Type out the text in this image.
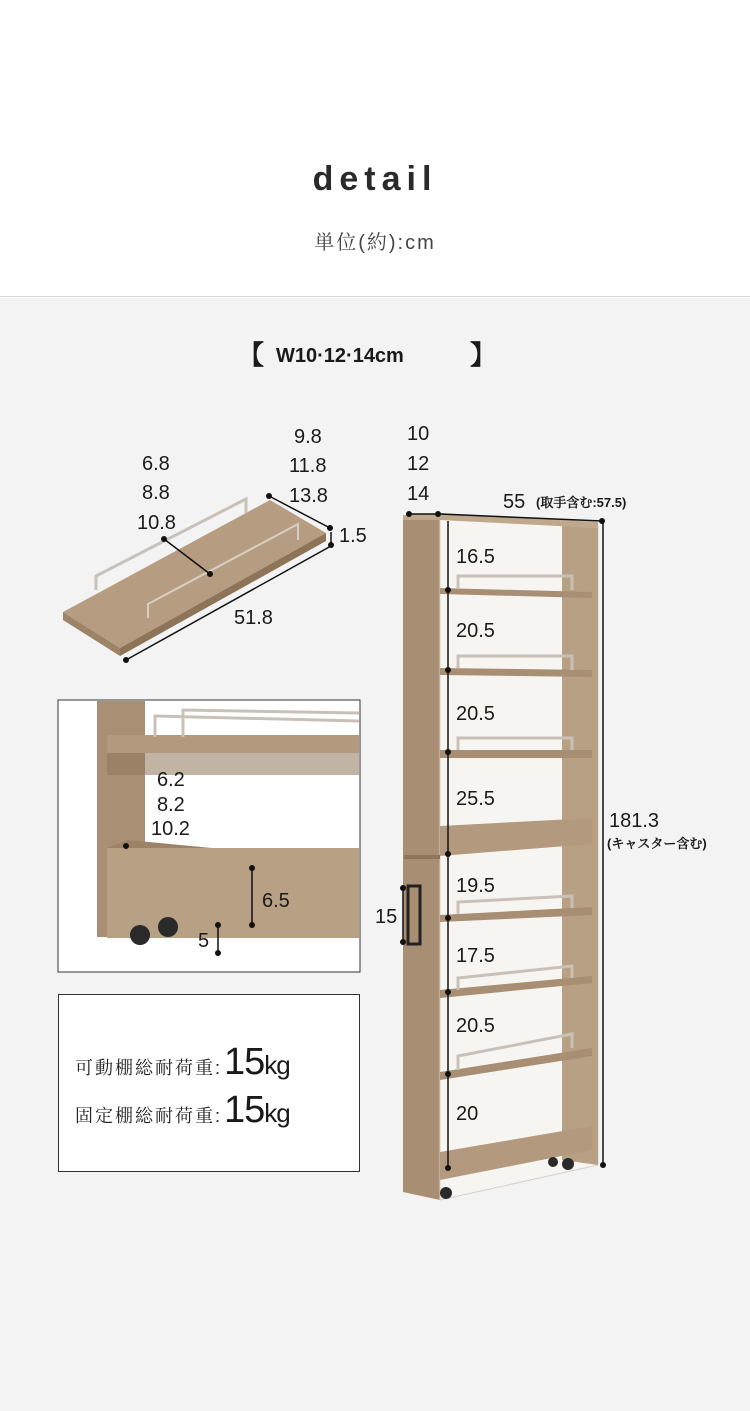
detail
単位(約):cm
【 W10·12·14cm	】
6.8
8.8
10.8
9.8
11.8
13.8
1.5
51.8
6.2
8.2
10.2
6.5
5
10
12
14	55 (取手含む:57.5)
181.3
(キャスター含む)
15
16.5
20.5
20.5
25.5
19.5
17.5
20.5
20
可動棚総耐荷重: 15kg
固定棚総耐荷重: 15kg
